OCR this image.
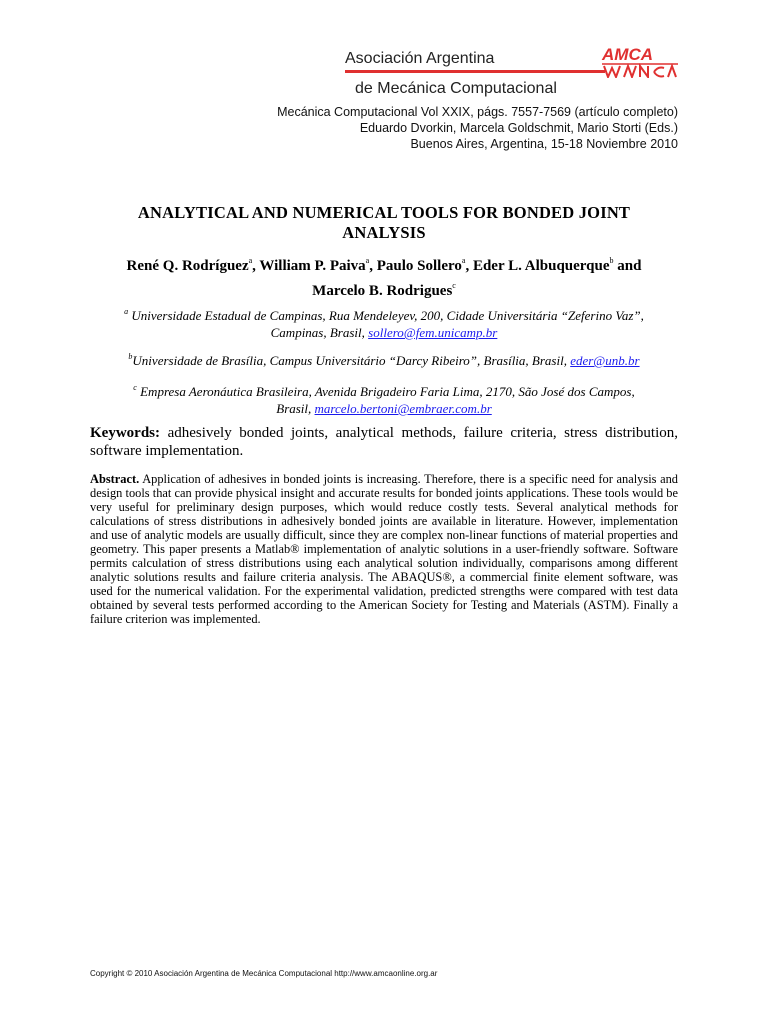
Asociación Argentina
de Mecánica Computacional
AMCA
Mecánica Computacional Vol XXIX, págs. 7557-7569 (artículo completo)
Eduardo Dvorkin, Marcela Goldschmit, Mario Storti (Eds.)
Buenos Aires, Argentina, 15-18 Noviembre 2010
ANALYTICAL AND NUMERICAL TOOLS FOR BONDED JOINT
ANALYSIS
René Q. Rodríguez$^a$, William P. Paiva$^a$, Paulo Sollero$^a$, Eder L. Albuquerque$^b$ and
Marcelo B. Rodrigues$^c$
$^a$ Universidade Estadual de Campinas, Rua Mendeleyev, 200, Cidade Universitária “Zeferino Vaz”,
Campinas, Brasil, sollero@fem.unicamp.br
$^b$Universidade de Brasília, Campus Universitário “Darcy Ribeiro”, Brasília, Brasil, eder@unb.br
$^c$ Empresa Aeronáutica Brasileira, Avenida Brigadeiro Faria Lima, 2170, São José dos Campos,
Brasil, marcelo.bertoni@embraer.com.br
Keywords: adhesively bonded joints, analytical methods, failure criteria, stress distribution, software implementation.
Abstract. Application of adhesives in bonded joints is increasing. Therefore, there is a specific need for analysis and design tools that can provide physical insight and accurate results for bonded joints applications. These tools would be very useful for preliminary design purposes, which would reduce costly tests. Several analytical methods for calculations of stress distributions in adhesively bonded joints are available in literature. However, implementation and use of analytic models are usually difficult, since they are complex non-linear functions of material properties and geometry. This paper presents a Matlab® implementation of analytic solutions in a user-friendly software. Software permits calculation of stress distributions using each analytical solution individually, comparisons among different analytic solutions results and failure criteria analysis. The ABAQUS®, a commercial finite element software, was used for the numerical validation. For the experimental validation, predicted strengths were compared with test data obtained by several tests performed according to the American Society for Testing and Materials (ASTM). Finally a failure criterion was implemented.
Copyright © 2010 Asociación Argentina de Mecánica Computacional http://www.amcaonline.org.ar
